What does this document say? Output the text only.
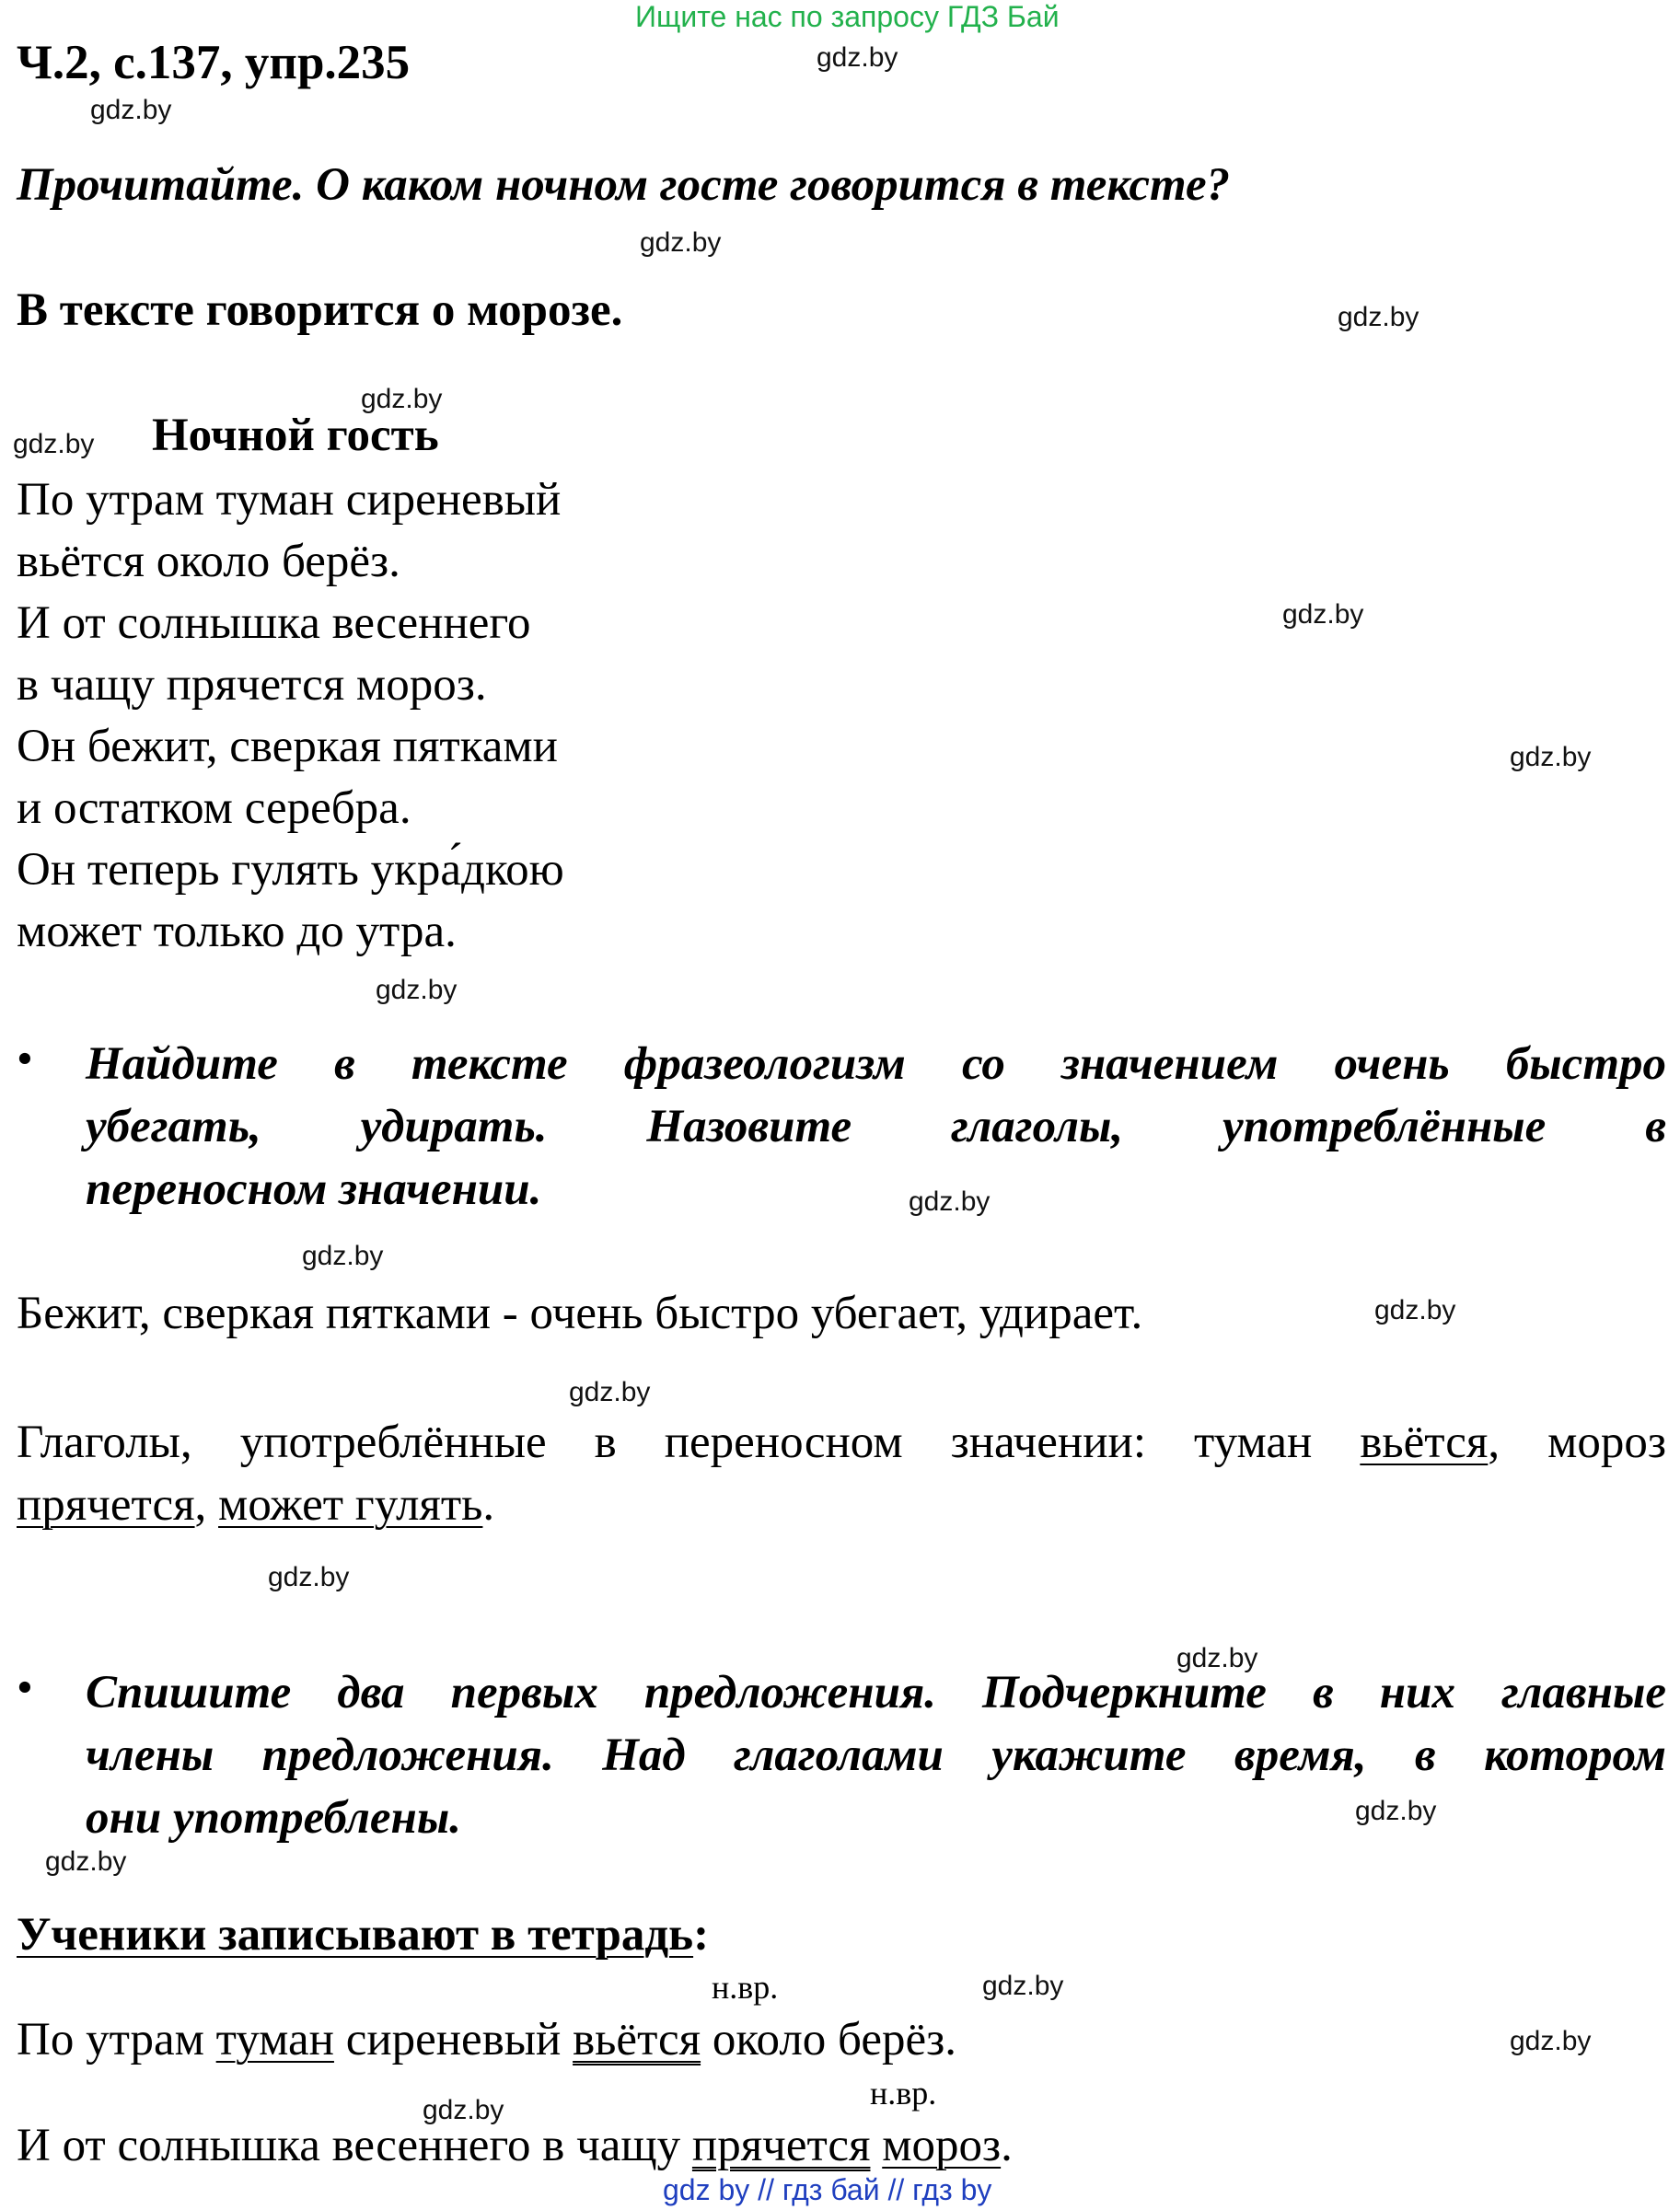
Ищите нас по запросу ГДЗ Бай
Ч.2, с.137, упр.235
Прочитайте. О каком ночном госте говорится в тексте?
В тексте говорится о морозе.
Ночной гость
По утрам туман сиреневый
вьётся около берёз.
И от солнышка весеннего
в чащу прячется мороз.
Он бежит, сверкая пятками
и остатком серебра.
Он теперь гулять укра́дкою
может только до утра.
• Найдите в тексте фразеологизм со значением очень быстро
убегать, удирать. Назовите глаголы, употреблённые в
переносном значении.
Бежит, сверкая пятками - очень быстро убегает, удирает.
Глаголы, употреблённые в переносном значении: туман вьётся, мороз
прячется, может гулять.
• Спишите два первых предложения. Подчеркните в них главные
члены предложения. Над глаголами укажите время, в котором
они употреблены.
Ученики записывают в тетрадь:
н.вр.
н.вр.
По утрам туман сиреневый вьётся около берёз.
И от солнышка весеннего в чащу прячется мороз.
gdz by // гдз бай // гдз by
gdz.by
gdz.by
gdz.by
gdz.by
gdz.by
gdz.by
gdz.by
gdz.by
gdz.by
gdz.by
gdz.by
gdz.by
gdz.by
gdz.by
gdz.by
gdz.by
gdz.by
gdz.by
gdz.by
gdz.by
